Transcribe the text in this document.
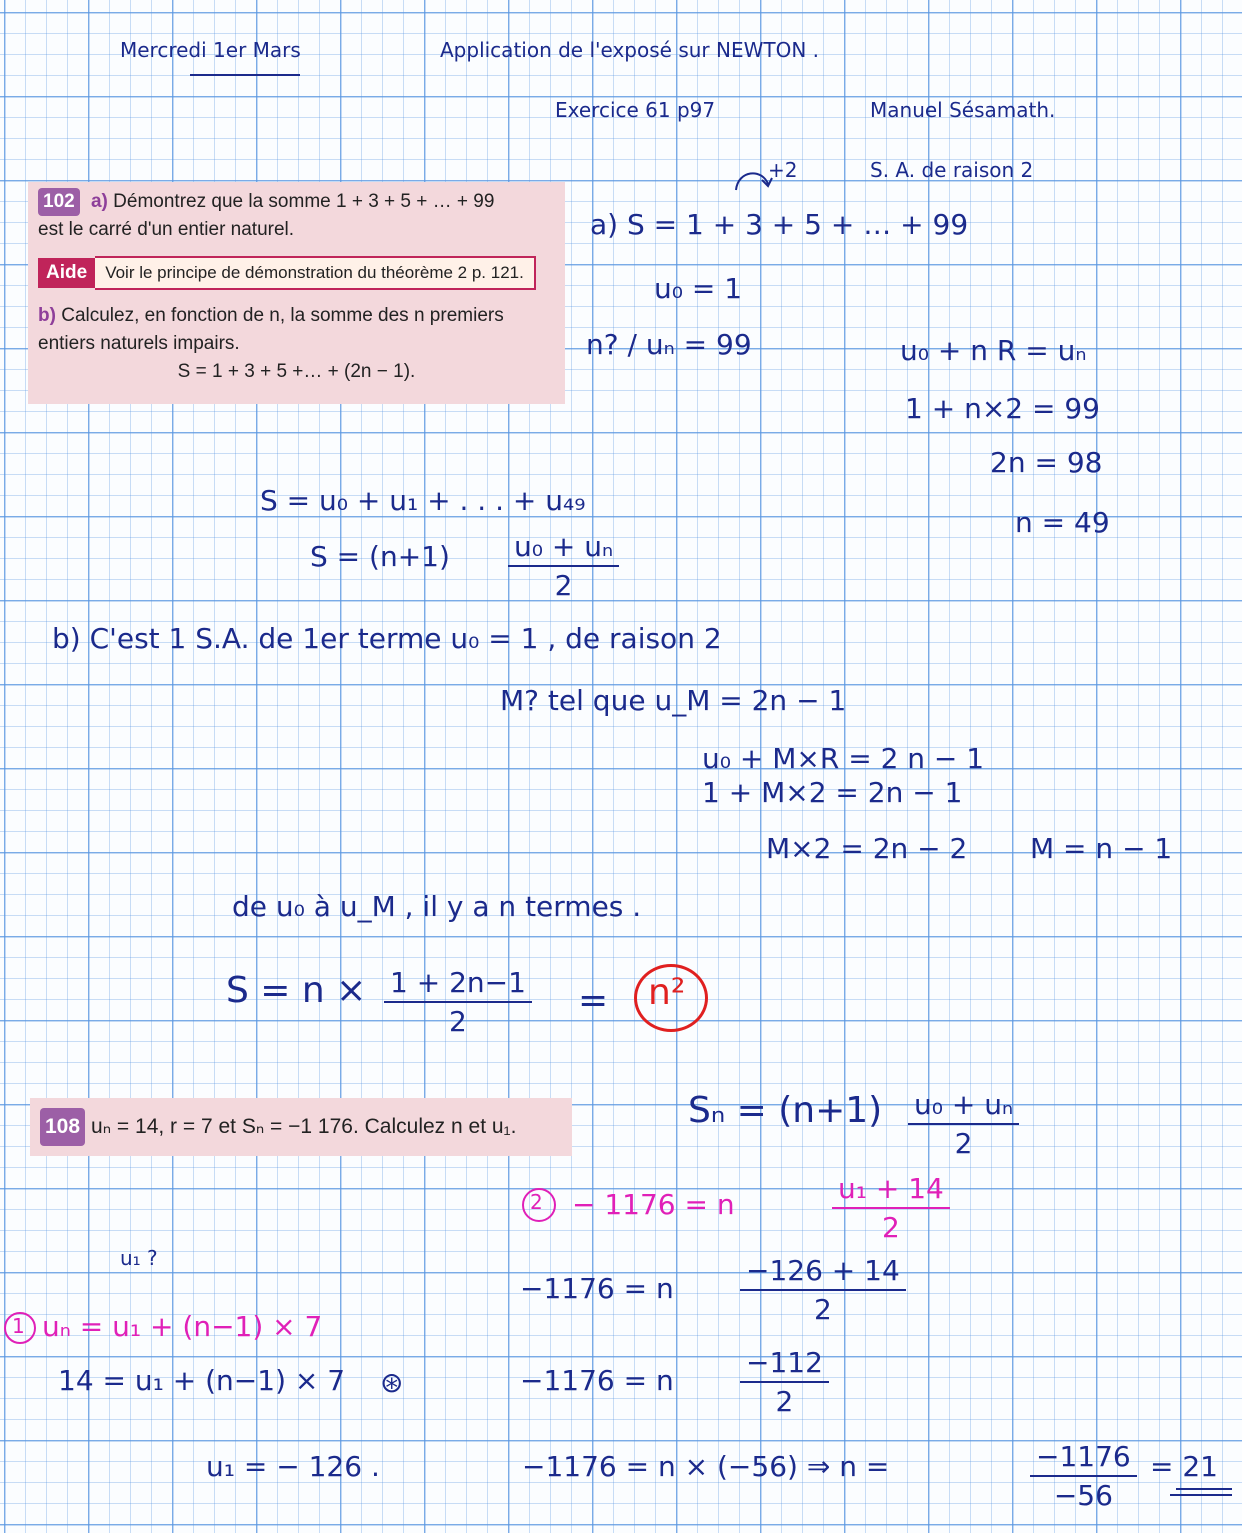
Mercredi 1er Mars	Application de l'exposé sur NEWTON .
Exercice 61 p97	Manuel Sésamath.
102 a) Démontrez que la somme 1 + 3 + 5 + … + 99
est le carré d'un entier naturel.
Aide	Voir le principe de démonstration du théorème 2 p. 121.
b) Calculez, en fonction de n, la somme des n premiers
entiers naturels impairs.
S = 1 + 3 + 5 +… + (2n − 1).
+2	S. A. de raison 2
a) S = 1 + 3 + 5 + … + 99
u₀ = 1
n? / uₙ = 99	u₀ + n R = uₙ
1 + n×2 = 99
2n = 98
n = 49
S = u₀ + u₁ + . . . + u₄₉
S = (n+1) u₀ + uₙ
2
b) C'est 1 S.A. de 1er terme u₀ = 1 , de raison 2
M? tel que u_M = 2n − 1
u₀ + M×R = 2 n − 1
1 + M×2 = 2n − 1
M×2 = 2n − 2 M = n − 1
de u₀ à u_M , il y a n termes .
S = n × 1 + 2n−1
2
= n²
108 uₙ = 14, r = 7 et Sₙ = −1 176. Calculez n et u₁.	Sₙ = (n+1) u₀ + uₙ
2
2 − 1176 = n	u₁ + 14
2
−1176 = n
−126 + 14
2
−1176 = n
−112
2
−1176 = n × (−56) ⇒ n =	−1176
−56
= 21
u₁ ?
1 uₙ = u₁ + (n−1) × 7
14 = u₁ + (n−1) × 7 ⊛
u₁ = − 126 .
